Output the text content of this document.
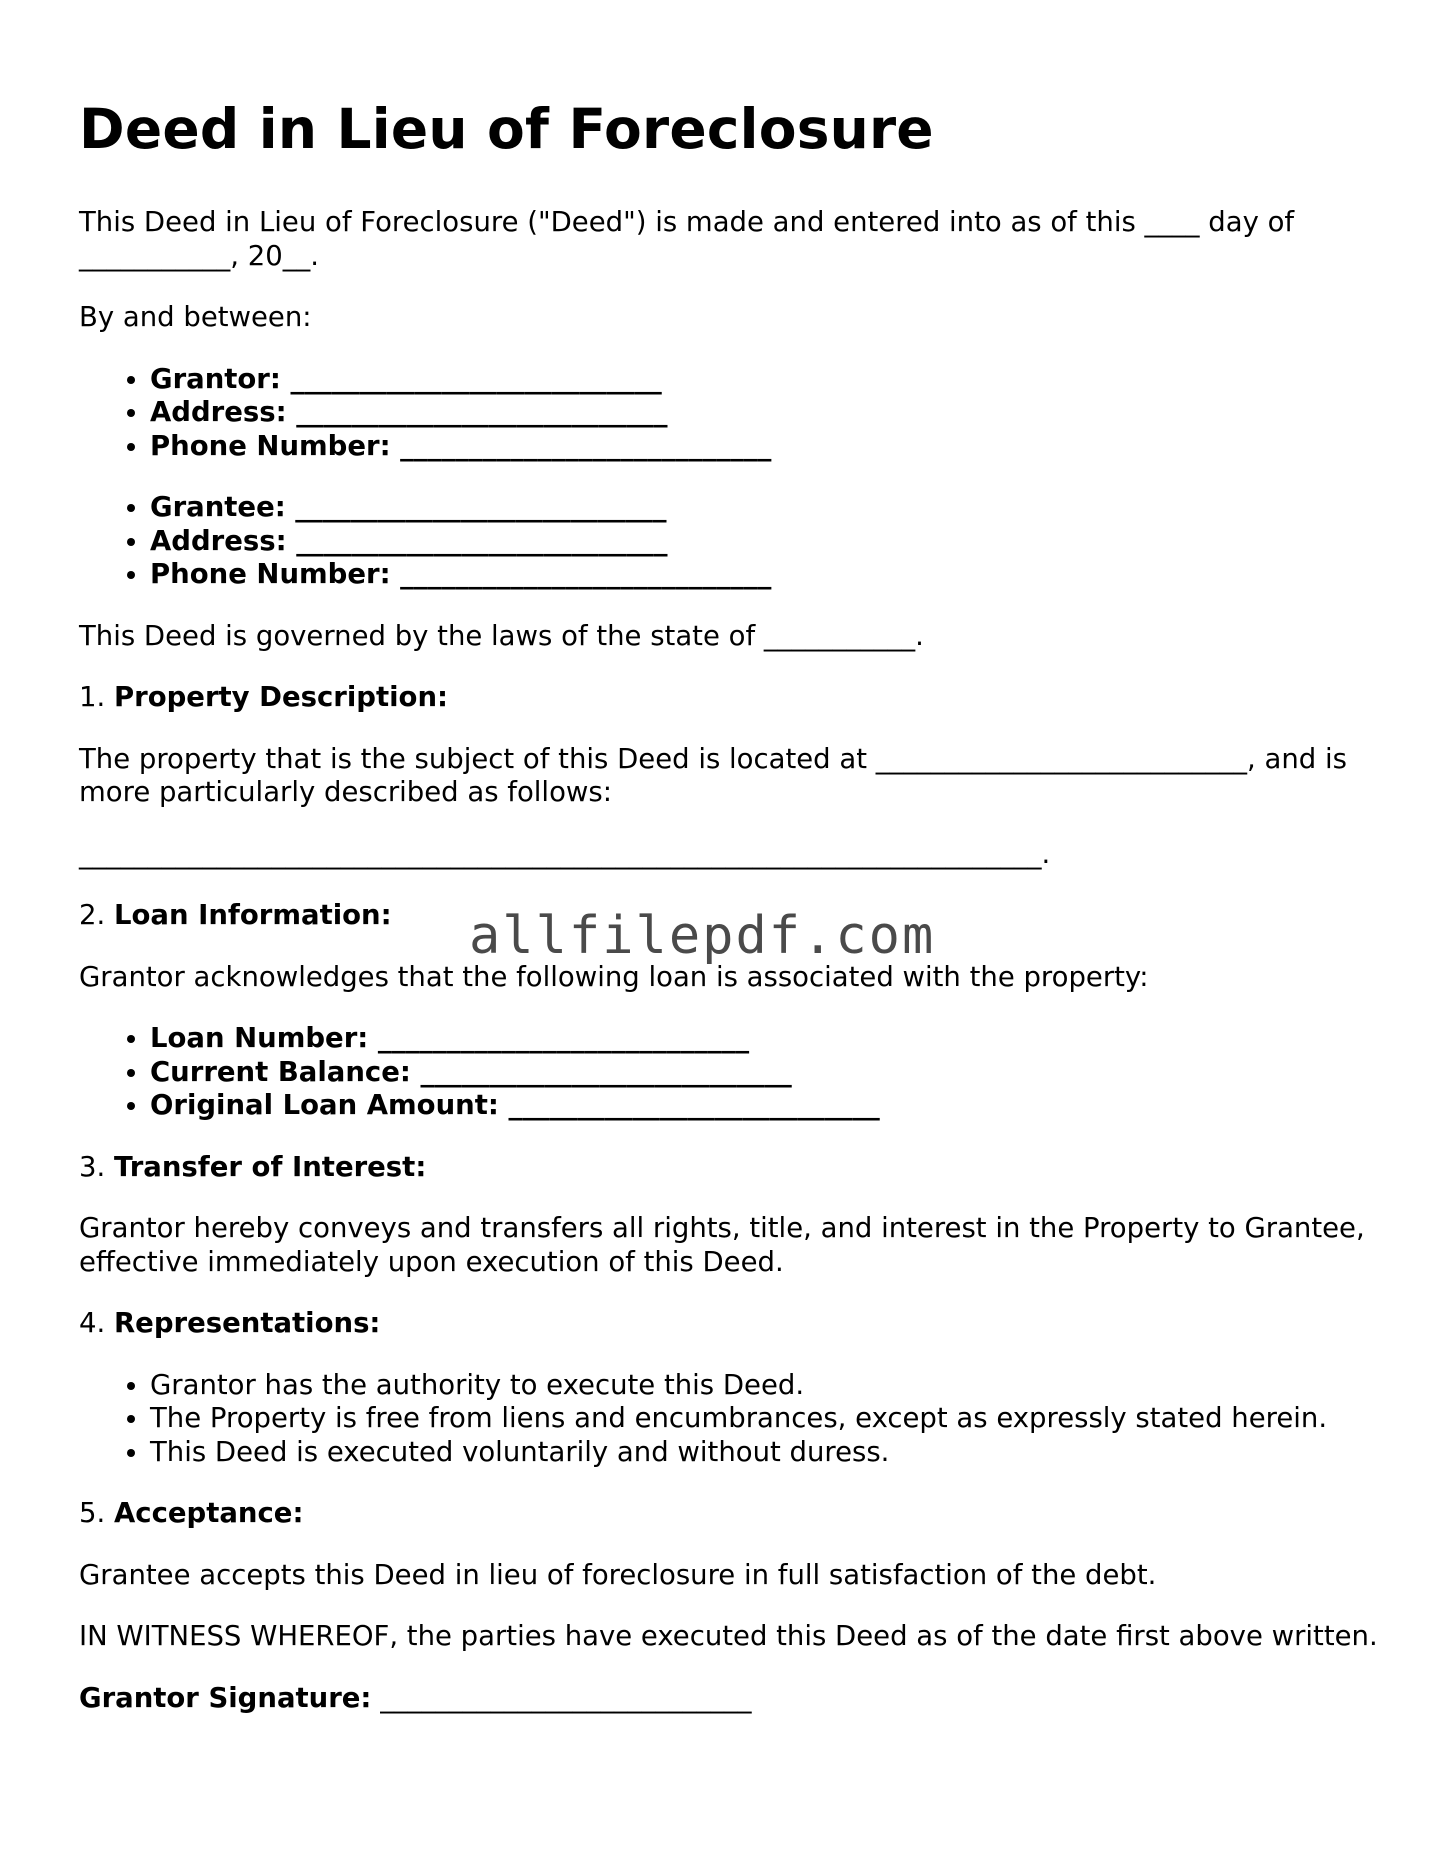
Deed in Lieu of Foreclosure

This Deed in Lieu of Foreclosure ("Deed") is made and entered into as of this ____ day of ___________, 20__.

By and between:

• Grantor: ___________________________
• Address: ___________________________
• Phone Number: ___________________________
• Grantee: ___________________________
• Address: ___________________________
• Phone Number: ___________________________

This Deed is governed by the laws of the state of ___________.

1. Property Description:

The property that is the subject of this Deed is located at ___________________________, and is more particularly described as follows:

______________________________________________________________________.

2. Loan Information:

Grantor acknowledges that the following loan is associated with the property:

• Loan Number: ___________________________
• Current Balance: ___________________________
• Original Loan Amount: ___________________________

3. Transfer of Interest:

Grantor hereby conveys and transfers all rights, title, and interest in the Property to Grantee, effective immediately upon execution of this Deed.

4. Representations:

• Grantor has the authority to execute this Deed.
• The Property is free from liens and encumbrances, except as expressly stated herein.
• This Deed is executed voluntarily and without duress.

5. Acceptance:

Grantee accepts this Deed in lieu of foreclosure in full satisfaction of the debt.

IN WITNESS WHEREOF, the parties have executed this Deed as of the date first above written.

Grantor Signature: ___________________________

allfilepdf.com
